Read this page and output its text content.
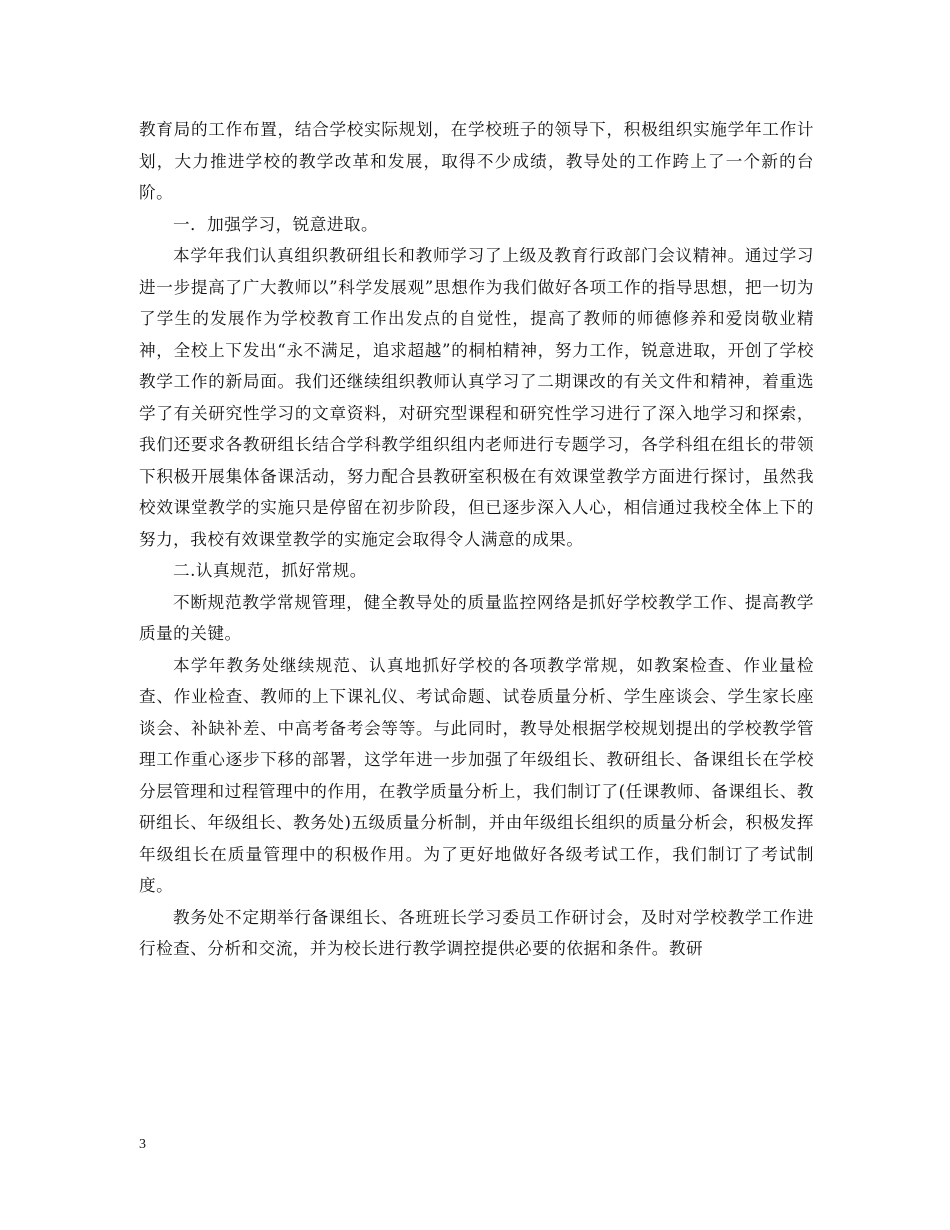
教育局的工作布置，结合学校实际规划，在学校班子的领导下，积极组织实施学年工作计划，大力推进学校的教学改革和发展，取得不少成绩，教导处的工作跨上了一个新的台阶。

一．加强学习，锐意进取。

本学年我们认真组织教研组长和教师学习了上级及教育行政部门会议精神。通过学习进一步提高了广大教师以”科学发展观”思想作为我们做好各项工作的指导思想，把一切为了学生的发展作为学校教育工作出发点的自觉性，提高了教师的师德修养和爱岗敬业精神，全校上下发出“永不满足，追求超越”的桐柏精神，努力工作，锐意进取，开创了学校教学工作的新局面。我们还继续组织教师认真学习了二期课改的有关文件和精神，着重选学了有关研究性学习的文章资料，对研究型课程和研究性学习进行了深入地学习和探索，我们还要求各教研组长结合学科教学组织组内老师进行专题学习，各学科组在组长的带领下积极开展集体备课活动，努力配合县教研室积极在有效课堂教学方面进行探讨，虽然我校效课堂教学的实施只是停留在初步阶段，但已逐步深入人心，相信通过我校全体上下的努力，我校有效课堂教学的实施定会取得令人满意的成果。

二.认真规范，抓好常规。

不断规范教学常规管理，健全教导处的质量监控网络是抓好学校教学工作、提高教学质量的关键。

本学年教务处继续规范、认真地抓好学校的各项教学常规，如教案检查、作业量检查、作业检查、教师的上下课礼仪、考试命题、试卷质量分析、学生座谈会、学生家长座谈会、补缺补差、中高考备考会等等。与此同时，教导处根据学校规划提出的学校教学管理工作重心逐步下移的部署，这学年进一步加强了年级组长、教研组长、备课组长在学校分层管理和过程管理中的作用，在教学质量分析上，我们制订了(任课教师、备课组长、教研组长、年级组长、教务处)五级质量分析制，并由年级组长组织的质量分析会，积极发挥年级组长在质量管理中的积极作用。为了更好地做好各级考试工作，我们制订了考试制度。

教务处不定期举行备课组长、各班班长学习委员工作研讨会，及时对学校教学工作进行检查、分析和交流，并为校长进行教学调控提供必要的依据和条件。教研

3
